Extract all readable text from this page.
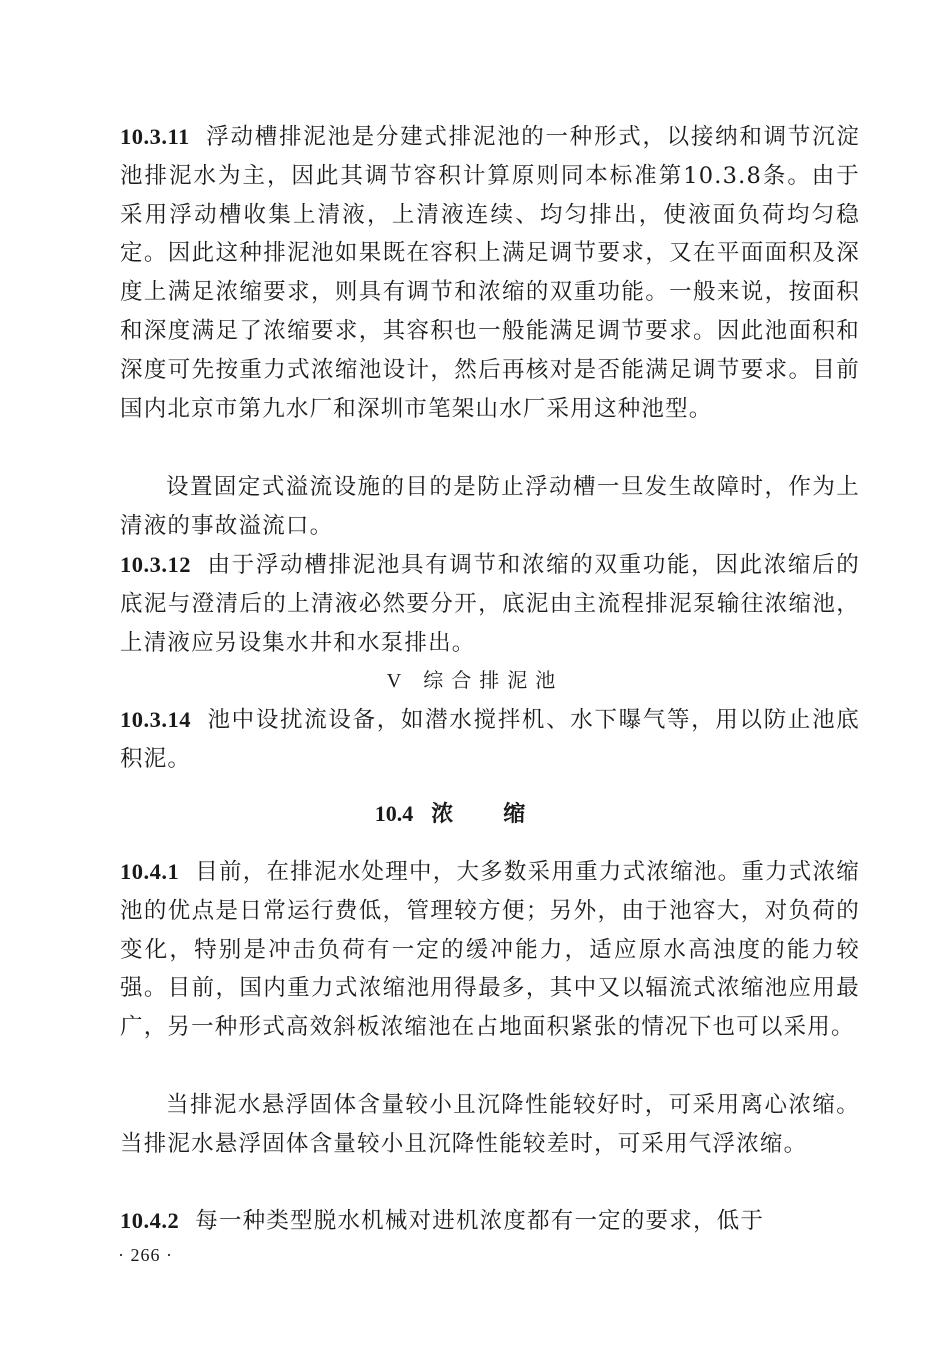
10.3.11 浮动槽排泥池是分建式排泥池的一种形式，以接纳和调节沉淀池排泥水为主，因此其调节容积计算原则同本标准第10.3.8条。由于采用浮动槽收集上清液，上清液连续、均匀排出，使液面负荷均匀稳定。因此这种排泥池如果既在容积上满足调节要求，又在平面面积及深度上满足浓缩要求，则具有调节和浓缩的双重功能。一般来说，按面积和深度满足了浓缩要求，其容积也一般能满足调节要求。因此池面积和深度可先按重力式浓缩池设计，然后再核对是否能满足调节要求。目前国内北京市第九水厂和深圳市笔架山水厂采用这种池型。
设置固定式溢流设施的目的是防止浮动槽一旦发生故障时，作为上清液的事故溢流口。
10.3.12 由于浮动槽排泥池具有调节和浓缩的双重功能，因此浓缩后的底泥与澄清后的上清液必然要分开，底泥由主流程排泥泵输往浓缩池，上清液应另设集水井和水泵排出。
V 综合排泥池
10.3.14 池中设扰流设备，如潜水搅拌机、水下曝气等，用以防止池底积泥。
10.4 浓缩
10.4.1 目前，在排泥水处理中，大多数采用重力式浓缩池。重力式浓缩池的优点是日常运行费低，管理较方便；另外，由于池容大，对负荷的变化，特别是冲击负荷有一定的缓冲能力，适应原水高浊度的能力较强。目前，国内重力式浓缩池用得最多，其中又以辐流式浓缩池应用最广，另一种形式高效斜板浓缩池在占地面积紧张的情况下也可以采用。
当排泥水悬浮固体含量较小且沉降性能较好时，可采用离心浓缩。当排泥水悬浮固体含量较小且沉降性能较差时，可采用气浮浓缩。
10.4.2 每一种类型脱水机械对进机浓度都有一定的要求，低于
· 266 ·
